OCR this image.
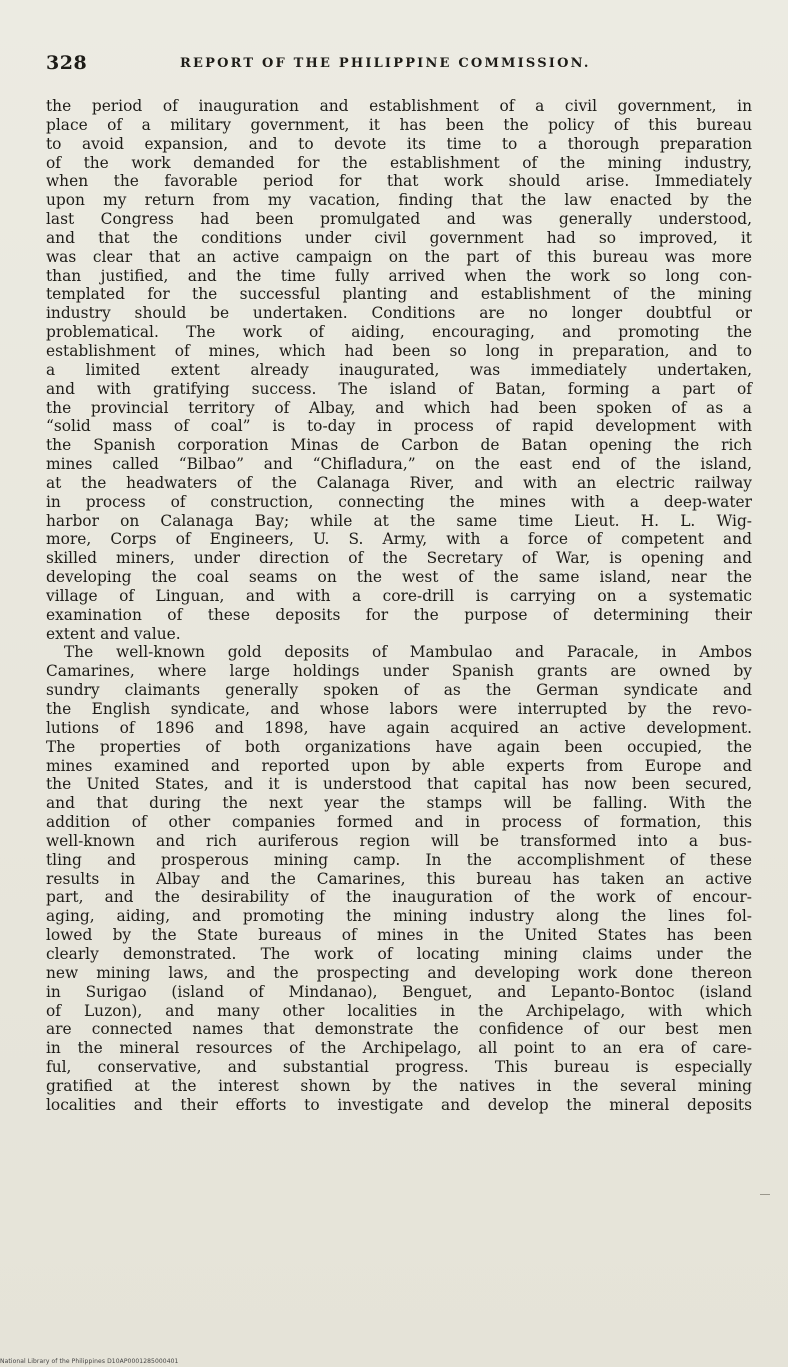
328	REPORT OF THE PHILIPPINE COMMISSION.
the period of inauguration and establishment of a civil government, in
place of a military government, it has been the policy of this bureau
to avoid expansion, and to devote its time to a thorough preparation
of the work demanded for the establishment of the mining industry,
when the favorable period for that work should arise. Immediately
upon my return from my vacation, finding that the law enacted by the
last Congress had been promulgated and was generally understood,
and that the conditions under civil government had so improved, it
was clear that an active campaign on the part of this bureau was more
than justified, and the time fully arrived when the work so long con-
templated for the successful planting and establishment of the mining
industry should be undertaken. Conditions are no longer doubtful or
problematical. The work of aiding, encouraging, and promoting the
establishment of mines, which had been so long in preparation, and to
a limited extent already inaugurated, was immediately undertaken,
and with gratifying success. The island of Batan, forming a part of
the provincial territory of Albay, and which had been spoken of as a
“solid mass of coal” is to-day in process of rapid development with
the Spanish corporation Minas de Carbon de Batan opening the rich
mines called “Bilbao” and “Chifladura,” on the east end of the island,
at the headwaters of the Calanaga River, and with an electric railway
in process of construction, connecting the mines with a deep-water
harbor on Calanaga Bay; while at the same time Lieut. H. L. Wig-
more, Corps of Engineers, U. S. Army, with a force of competent and
skilled miners, under direction of the Secretary of War, is opening and
developing the coal seams on the west of the same island, near the
village of Linguan, and with a core-drill is carrying on a systematic
examination of these deposits for the purpose of determining their
extent and value.
The well-known gold deposits of Mambulao and Paracale, in Ambos
Camarines, where large holdings under Spanish grants are owned by
sundry claimants generally spoken of as the German syndicate and
the English syndicate, and whose labors were interrupted by the revo-
lutions of 1896 and 1898, have again acquired an active development.
The properties of both organizations have again been occupied, the
mines examined and reported upon by able experts from Europe and
the United States, and it is understood that capital has now been secured,
and that during the next year the stamps will be falling. With the
addition of other companies formed and in process of formation, this
well-known and rich auriferous region will be transformed into a bus-
tling and prosperous mining camp. In the accomplishment of these
results in Albay and the Camarines, this bureau has taken an active
part, and the desirability of the inauguration of the work of encour-
aging, aiding, and promoting the mining industry along the lines fol-
lowed by the State bureaus of mines in the United States has been
clearly demonstrated. The work of locating mining claims under the
new mining laws, and the prospecting and developing work done thereon
in Surigao (island of Mindanao), Benguet, and Lepanto-Bontoc (island
of Luzon), and many other localities in the Archipelago, with which
are connected names that demonstrate the confidence of our best men
in the mineral resources of the Archipelago, all point to an era of care-
ful, conservative, and substantial progress. This bureau is especially
gratified at the interest shown by the natives in the several mining
localities and their efforts to investigate and develop the mineral deposits
National Library of the Philippines D10AP0001285000401
